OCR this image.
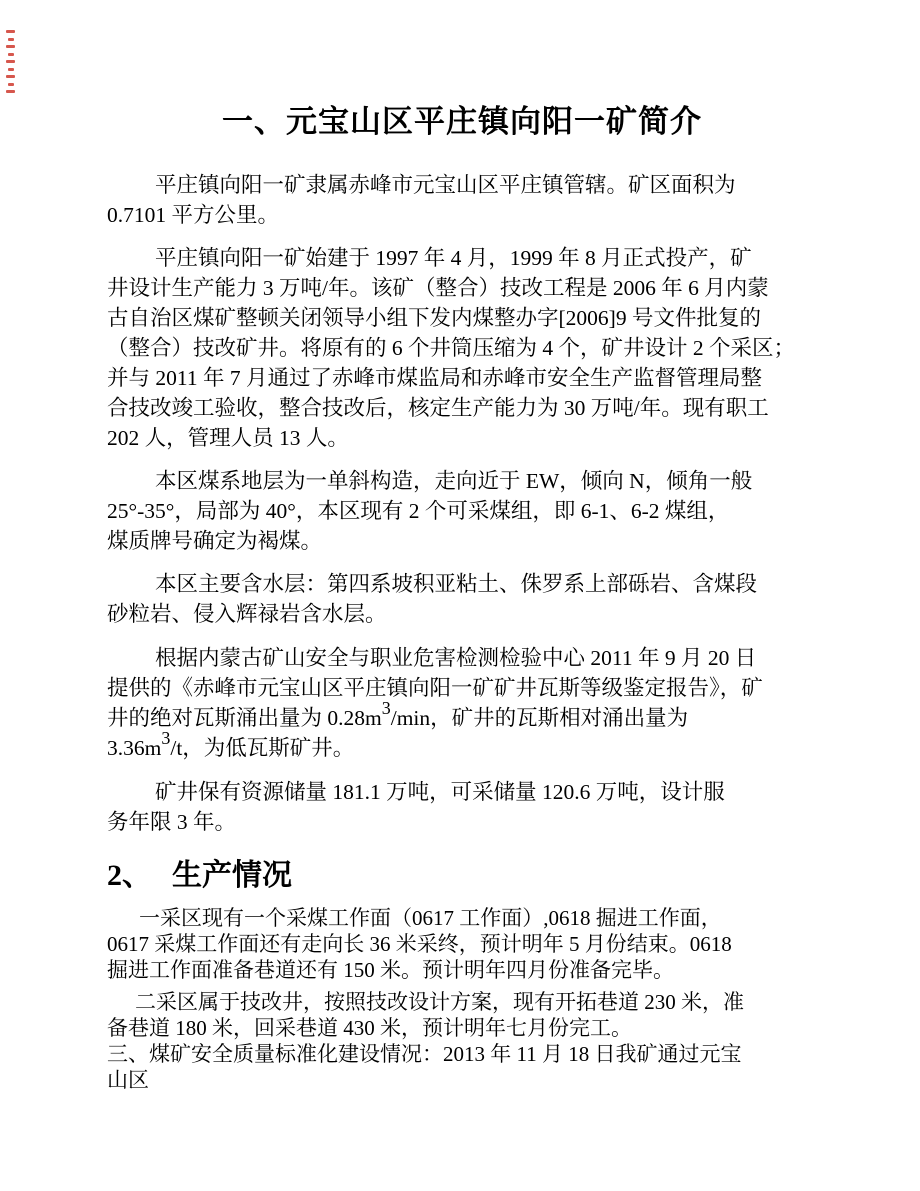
一、元宝山区平庄镇向阳一矿简介
平庄镇向阳一矿隶属赤峰市元宝山区平庄镇管辖。矿区面积为
0.7101 平方公里。
平庄镇向阳一矿始建于 1997 年 4 月，1999 年 8 月正式投产，矿
井设计生产能力 3 万吨/年。该矿（整合）技改工程是 2006 年 6 月内蒙
古自治区煤矿整顿关闭领导小组下发内煤整办字[2006]9 号文件批复的
（整合）技改矿井。将原有的 6 个井筒压缩为 4 个，矿井设计 2 个采区；
并与 2011 年 7 月通过了赤峰市煤监局和赤峰市安全生产监督管理局整
合技改竣工验收，整合技改后，核定生产能力为 30 万吨/年。现有职工
202 人，管理人员 13 人。
本区煤系地层为一单斜构造，走向近于 EW，倾向 N，倾角一般
25°-35°，局部为 40°，本区现有 2 个可采煤组，即 6-1、6-2 煤组，
煤质牌号确定为褐煤。
本区主要含水层：第四系坡积亚粘土、侏罗系上部砾岩、含煤段
砂粒岩、侵入辉禄岩含水层。
根据内蒙古矿山安全与职业危害检测检验中心 2011 年 9 月 20 日
提供的《赤峰市元宝山区平庄镇向阳一矿矿井瓦斯等级鉴定报告》，矿
井的绝对瓦斯涌出量为 0.28m3/min，矿井的瓦斯相对涌出量为
3.36m3/t，为低瓦斯矿井。
矿井保有资源储量 181.1 万吨，可采储量 120.6 万吨，设计服
务年限 3 年。
2、 生产情况
一采区现有一个采煤工作面（0617 工作面）,0618 掘进工作面，
0617 采煤工作面还有走向长 36 米采终，预计明年 5 月份结束。0618
掘进工作面准备巷道还有 150 米。预计明年四月份准备完毕。
二采区属于技改井，按照技改设计方案，现有开拓巷道 230 米，准
备巷道 180 米，回采巷道 430 米，预计明年七月份完工。
三、煤矿安全质量标准化建设情况：2013 年 11 月 18 日我矿通过元宝
山区
